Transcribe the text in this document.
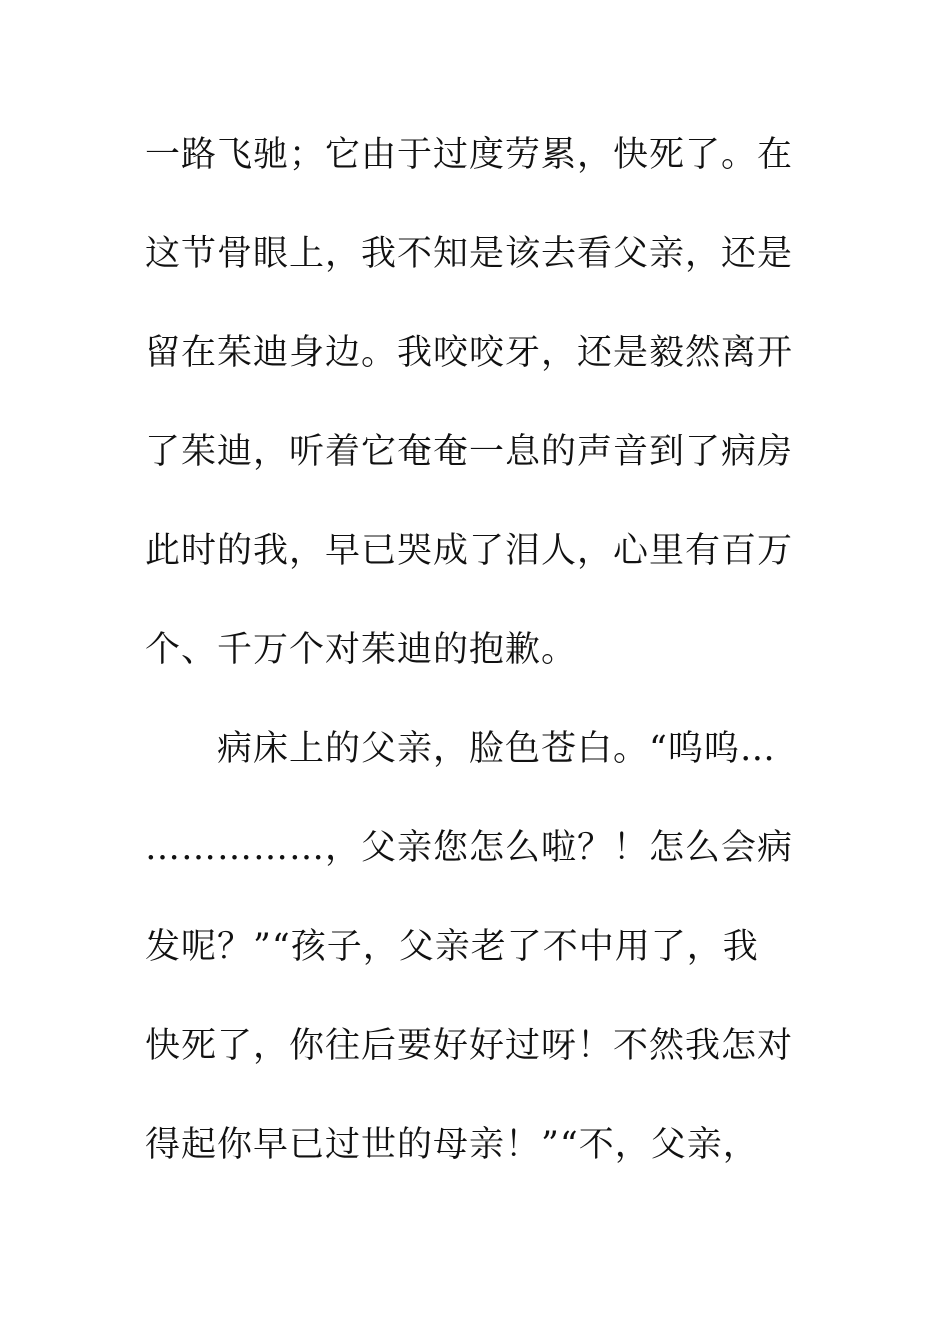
一路飞驰；它由于过度劳累，快死了。在
这节骨眼上，我不知是该去看父亲，还是
留在茱迪身边。我咬咬牙，还是毅然离开
了茱迪，听着它奄奄一息的声音到了病房
此时的我，早已哭成了泪人，心里有百万
个、千万个对茱迪的抱歉。
病床上的父亲，脸色苍白。“呜呜…
……………，父亲您怎么啦？！怎么会病
发呢？”“孩子，父亲老了不中用了，我
快死了，你往后要好好过呀！不然我怎对
得起你早已过世的母亲！”“不，父亲，
